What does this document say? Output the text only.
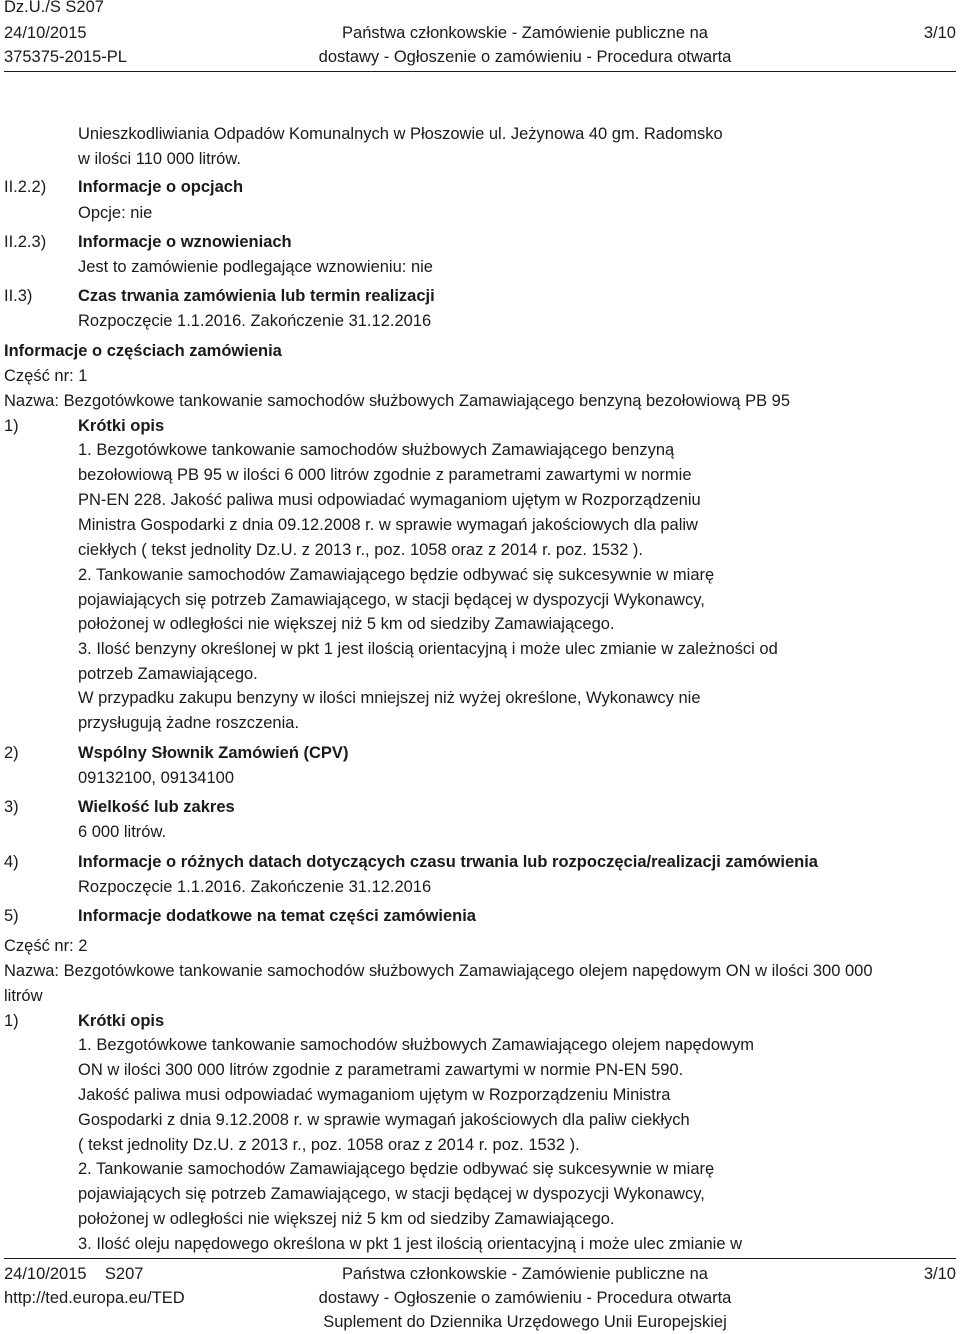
Dz.U./S S207
24/10/2015
375375-2015-PL
Państwa członkowskie - Zamówienie publiczne na
dostawy - Ogłoszenie o zamówieniu - Procedura otwarta
3/10
Unieszkodliwiania Odpadów Komunalnych w Płoszowie ul. Jeżynowa 40 gm. Radomsko
w ilości 110 000 litrów.
II.2.2) Informacje o opcjach
Opcje: nie
II.2.3) Informacje o wznowieniach
Jest to zamówienie podlegające wznowieniu: nie
II.3)	Czas trwania zamówienia lub termin realizacji
Rozpoczęcie 1.1.2016. Zakończenie 31.12.2016
Informacje o częściach zamówienia
Część nr: 1
Nazwa: Bezgotówkowe tankowanie samochodów służbowych Zamawiającego benzyną bezołowiową PB 95
1)	Krótki opis
1. Bezgotówkowe tankowanie samochodów służbowych Zamawiającego benzyną
bezołowiową PB 95 w ilości 6 000 litrów zgodnie z parametrami zawartymi w normie
PN-EN 228. Jakość paliwa musi odpowiadać wymaganiom ujętym w Rozporządzeniu
Ministra Gospodarki z dnia 09.12.2008 r. w sprawie wymagań jakościowych dla paliw
ciekłych ( tekst jednolity Dz.U. z 2013 r., poz. 1058 oraz z 2014 r. poz. 1532 ).
2. Tankowanie samochodów Zamawiającego będzie odbywać się sukcesywnie w miarę
pojawiających się potrzeb Zamawiającego, w stacji będącej w dyspozycji Wykonawcy,
położonej w odległości nie większej niż 5 km od siedziby Zamawiającego.
3. Ilość benzyny określonej w pkt 1 jest ilością orientacyjną i może ulec zmianie w zależności od
potrzeb Zamawiającego.
W przypadku zakupu benzyny w ilości mniejszej niż wyżej określone, Wykonawcy nie
przysługują żadne roszczenia.
2)	Wspólny Słownik Zamówień (CPV)
09132100, 09134100
3)	Wielkość lub zakres
6 000 litrów.
4)	Informacje o różnych datach dotyczących czasu trwania lub rozpoczęcia/realizacji zamówienia
Rozpoczęcie 1.1.2016. Zakończenie 31.12.2016
5)	Informacje dodatkowe na temat części zamówienia
Część nr: 2
Nazwa: Bezgotówkowe tankowanie samochodów służbowych Zamawiającego olejem napędowym ON w ilości 300 000
litrów
1)	Krótki opis
1. Bezgotówkowe tankowanie samochodów służbowych Zamawiającego olejem napędowym
ON w ilości 300 000 litrów zgodnie z parametrami zawartymi w normie PN-EN 590.
Jakość paliwa musi odpowiadać wymaganiom ujętym w Rozporządzeniu Ministra
Gospodarki z dnia 9.12.2008 r. w sprawie wymagań jakościowych dla paliw ciekłych
( tekst jednolity Dz.U. z 2013 r., poz. 1058 oraz z 2014 r. poz. 1532 ).
2. Tankowanie samochodów Zamawiającego będzie odbywać się sukcesywnie w miarę
pojawiających się potrzeb Zamawiającego, w stacji będącej w dyspozycji Wykonawcy,
położonej w odległości nie większej niż 5 km od siedziby Zamawiającego.
3. Ilość oleju napędowego określona w pkt 1 jest ilością orientacyjną i może ulec zmianie w
24/10/2015    S207
http://ted.europa.eu/TED
Państwa członkowskie - Zamówienie publiczne na
dostawy - Ogłoszenie o zamówieniu - Procedura otwarta
Suplement do Dziennika Urzędowego Unii Europejskiej
3/10
